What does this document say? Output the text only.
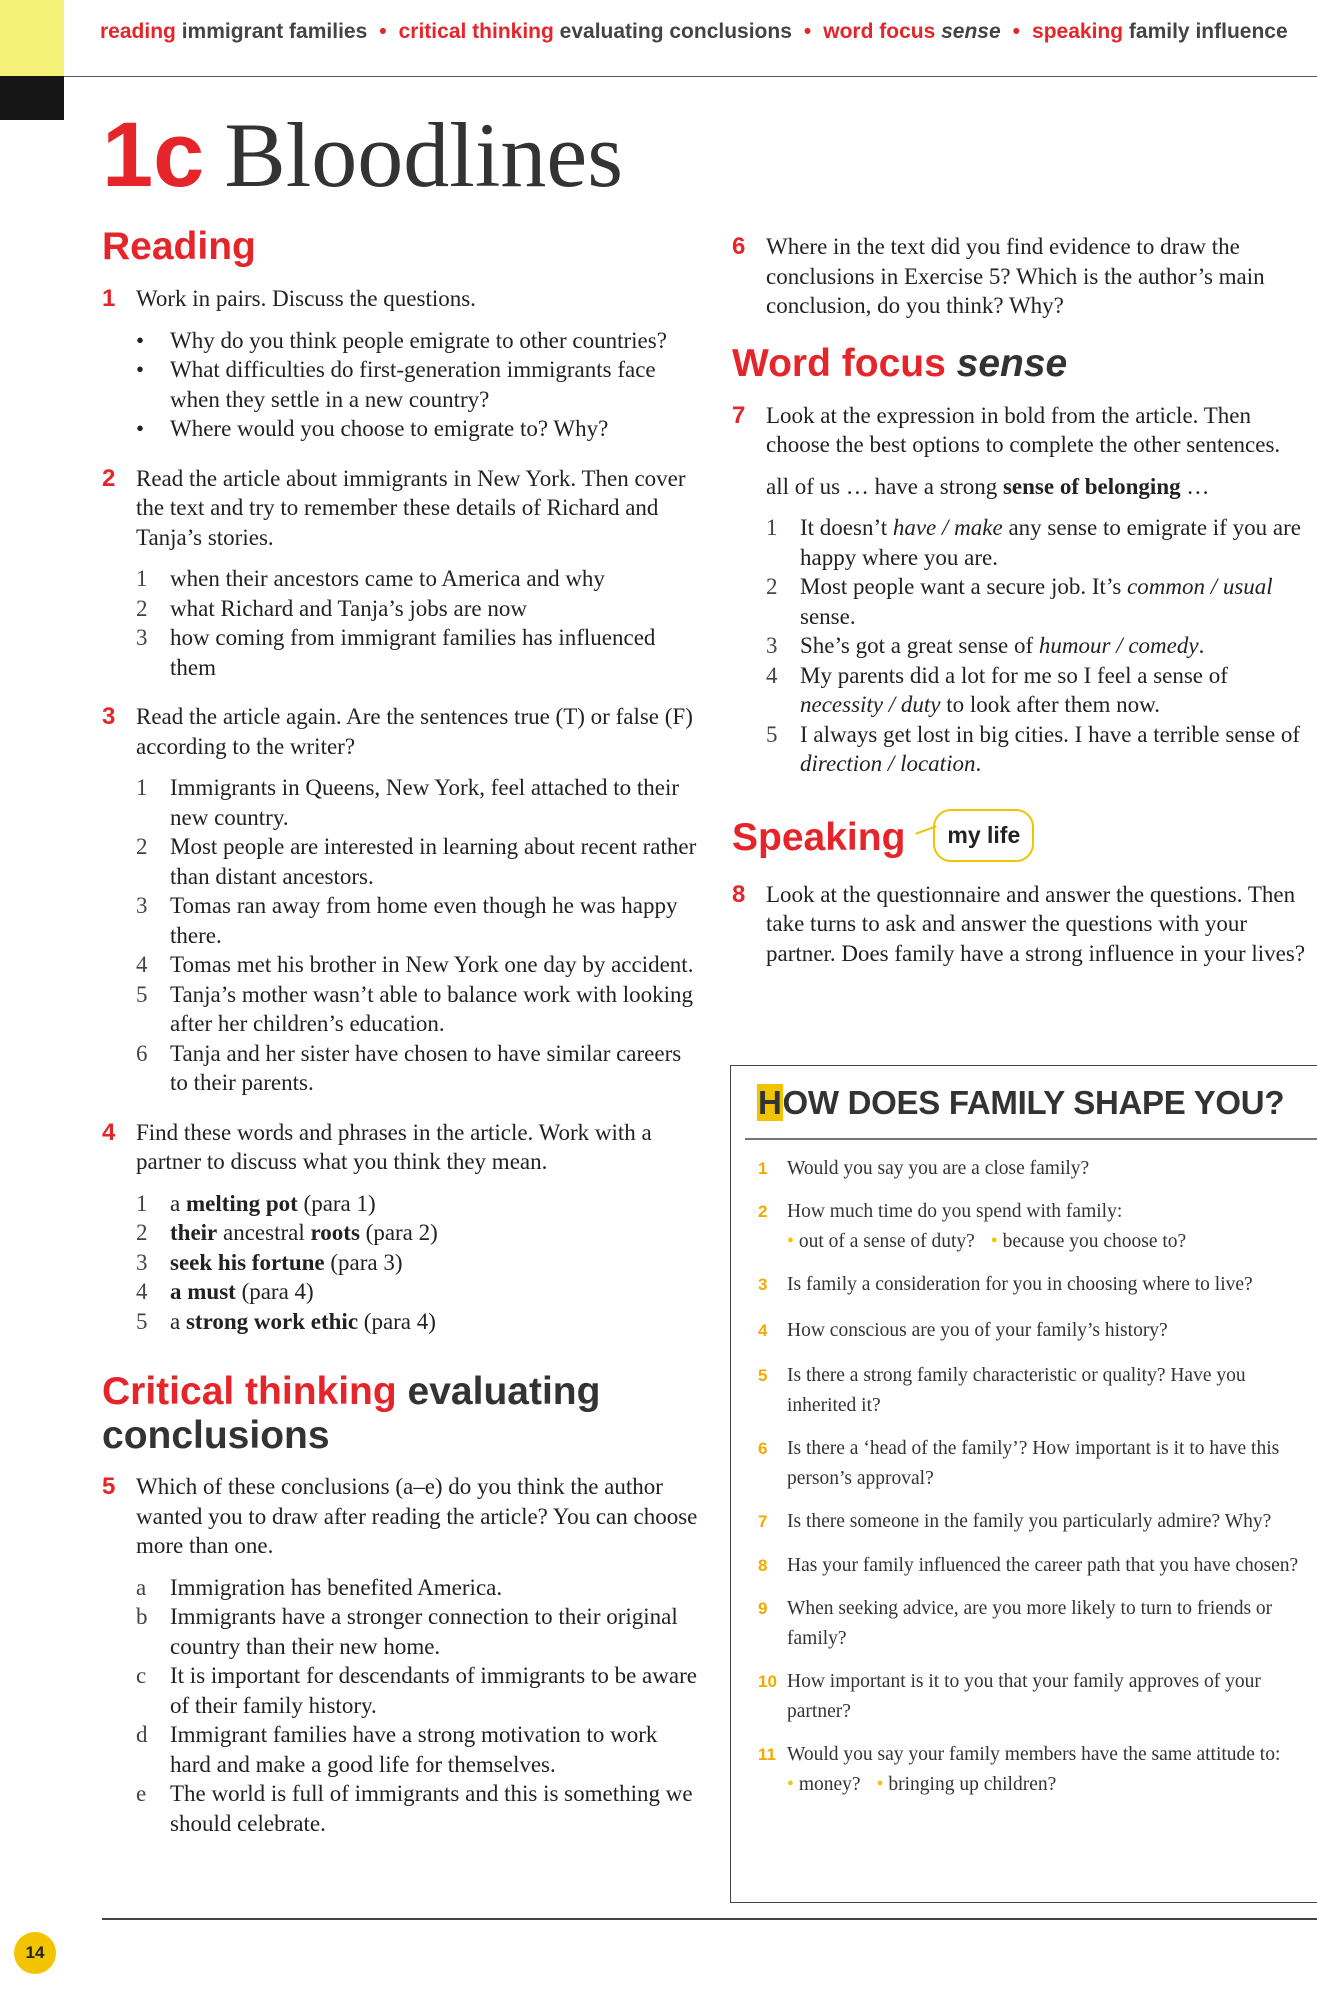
reading immigrant families • critical thinking evaluating conclusions • word focus sense • speaking family influence
1c Bloodlines
Reading
1 Work in pairs. Discuss the questions.
• Why do you think people emigrate to other countries?
• What difficulties do first-generation immigrants face when they settle in a new country?
• Where would you choose to emigrate to? Why?
2 Read the article about immigrants in New York. Then cover the text and try to remember these details of Richard and Tanja’s stories.
1 when their ancestors came to America and why
2 what Richard and Tanja’s jobs are now
3 how coming from immigrant families has influenced them
3 Read the article again. Are the sentences true (T) or false (F) according to the writer?
1 Immigrants in Queens, New York, feel attached to their new country.
2 Most people are interested in learning about recent rather than distant ancestors.
3 Tomas ran away from home even though he was happy there.
4 Tomas met his brother in New York one day by accident.
5 Tanja’s mother wasn’t able to balance work with looking after her children’s education.
6 Tanja and her sister have chosen to have similar careers to their parents.
4 Find these words and phrases in the article. Work with a partner to discuss what you think they mean.
1 a melting pot (para 1)
2 their ancestral roots (para 2)
3 seek his fortune (para 3)
4 a must (para 4)
5 a strong work ethic (para 4)
Critical thinking evaluating conclusions
5 Which of these conclusions (a–e) do you think the author wanted you to draw after reading the article? You can choose more than one.
a Immigration has benefited America.
b Immigrants have a stronger connection to their original country than their new home.
c It is important for descendants of immigrants to be aware of their family history.
d Immigrant families have a strong motivation to work hard and make a good life for themselves.
e The world is full of immigrants and this is something we should celebrate.
6 Where in the text did you find evidence to draw the conclusions in Exercise 5? Which is the author’s main conclusion, do you think? Why?
Word focus sense
7 Look at the expression in bold from the article. Then choose the best options to complete the other sentences.
all of us … have a strong sense of belonging …
1 It doesn’t have / make any sense to emigrate if you are happy where you are.
2 Most people want a secure job. It’s common / usual sense.
3 She’s got a great sense of humour / comedy.
4 My parents did a lot for me so I feel a sense of necessity / duty to look after them now.
5 I always get lost in big cities. I have a terrible sense of direction / location.
Speaking my life
8 Look at the questionnaire and answer the questions. Then take turns to ask and answer the questions with your partner. Does family have a strong influence in your lives?
HOW DOES FAMILY SHAPE YOU?
1 Would you say you are a close family?
2 How much time do you spend with family:
• out of a sense of duty? • because you choose to?
3 Is family a consideration for you in choosing where to live?
4 How conscious are you of your family’s history?
5 Is there a strong family characteristic or quality? Have you inherited it?
6 Is there a ‘head of the family’? How important is it to have this person’s approval?
7 Is there someone in the family you particularly admire? Why?
8 Has your family influenced the career path that you have chosen?
9 When seeking advice, are you more likely to turn to friends or family?
10 How important is it to you that your family approves of your partner?
11 Would you say your family members have the same attitude to:
• money? • bringing up children?
14
